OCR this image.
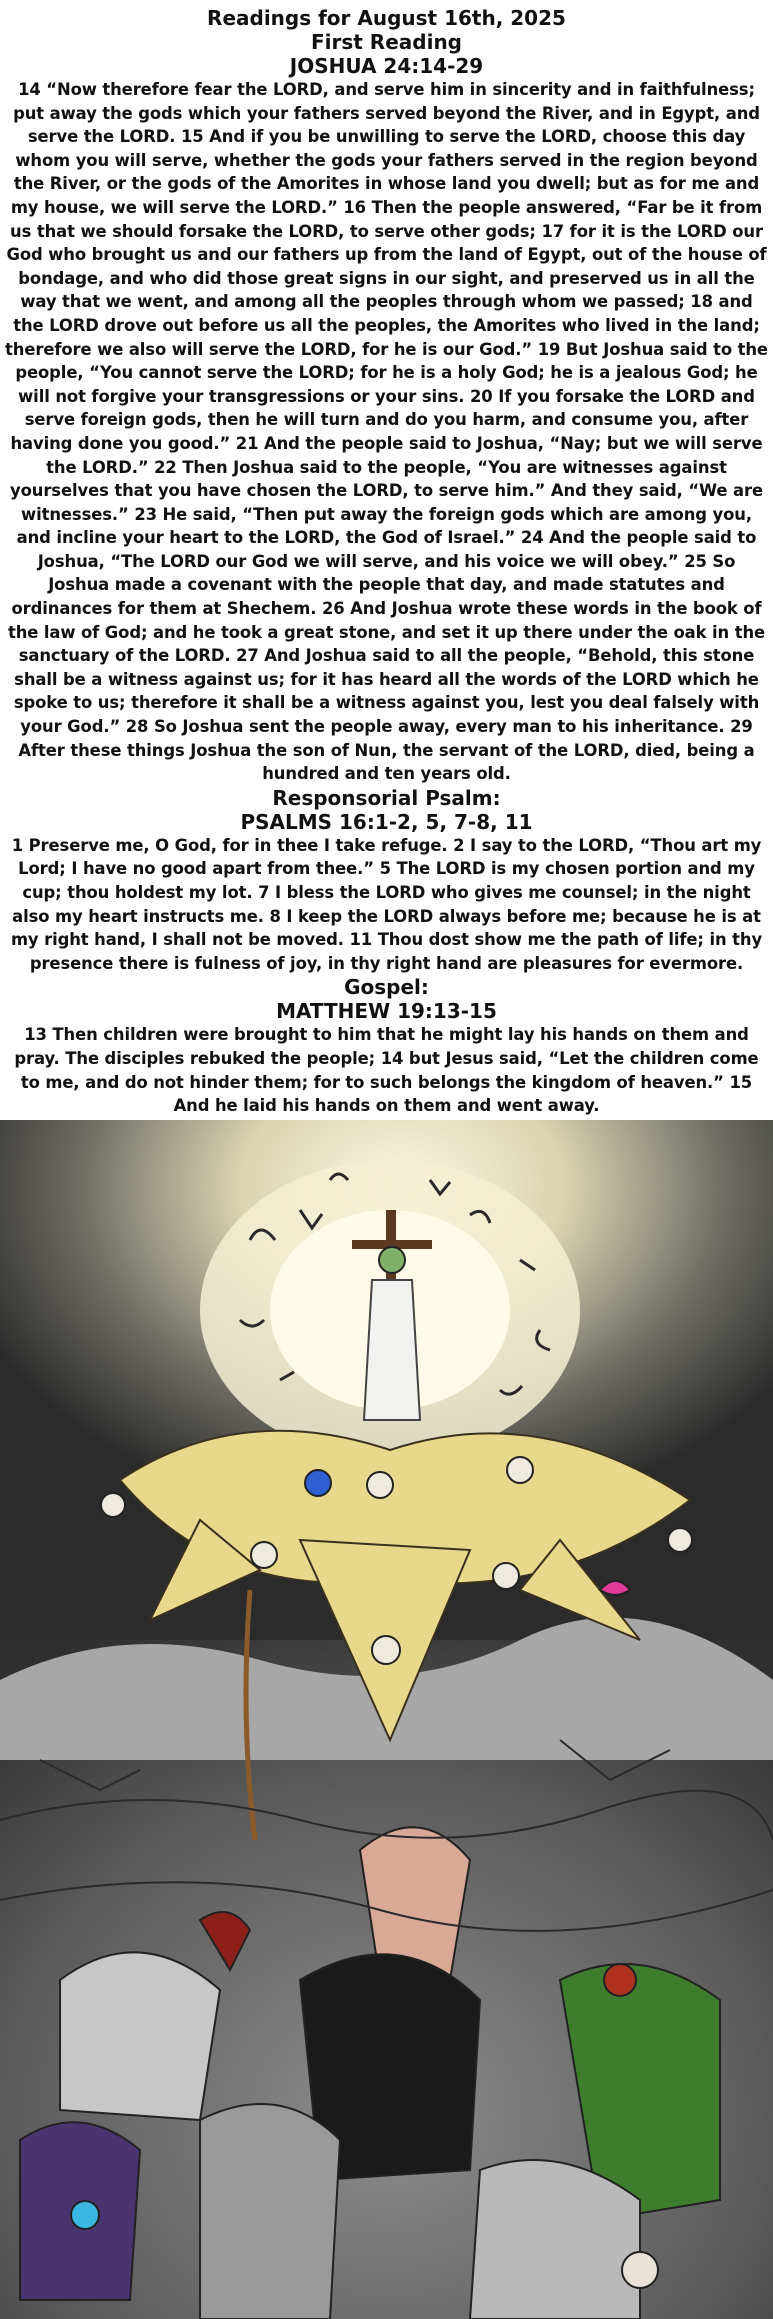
Readings for August 16th, 2025
First Reading
JOSHUA 24:14-29

14 “Now therefore fear the LORD, and serve him in sincerity and in faithfulness; put away the gods which your fathers served beyond the River, and in Egypt, and serve the LORD. 15 And if you be unwilling to serve the LORD, choose this day whom you will serve, whether the gods your fathers served in the region beyond the River, or the gods of the Amorites in whose land you dwell; but as for me and my house, we will serve the LORD.” 16 Then the people answered, “Far be it from us that we should forsake the LORD, to serve other gods; 17 for it is the LORD our God who brought us and our fathers up from the land of Egypt, out of the house of bondage, and who did those great signs in our sight, and preserved us in all the way that we went, and among all the peoples through whom we passed; 18 and the LORD drove out before us all the peoples, the Amorites who lived in the land; therefore we also will serve the LORD, for he is our God.” 19 But Joshua said to the people, “You cannot serve the LORD; for he is a holy God; he is a jealous God; he will not forgive your transgressions or your sins. 20 If you forsake the LORD and serve foreign gods, then he will turn and do you harm, and consume you, after having done you good.” 21 And the people said to Joshua, “Nay; but we will serve the LORD.” 22 Then Joshua said to the people, “You are witnesses against yourselves that you have chosen the LORD, to serve him.” And they said, “We are witnesses.” 23 He said, “Then put away the foreign gods which are among you, and incline your heart to the LORD, the God of Israel.” 24 And the people said to Joshua, “The LORD our God we will serve, and his voice we will obey.” 25 So Joshua made a covenant with the people that day, and made statutes and ordinances for them at Shechem. 26 And Joshua wrote these words in the book of the law of God; and he took a great stone, and set it up there under the oak in the sanctuary of the LORD. 27 And Joshua said to all the people, “Behold, this stone shall be a witness against us; for it has heard all the words of the LORD which he spoke to us; therefore it shall be a witness against you, lest you deal falsely with your God.” 28 So Joshua sent the people away, every man to his inheritance. 29 After these things Joshua the son of Nun, the servant of the LORD, died, being a hundred and ten years old.

Responsorial Psalm:
PSALMS 16:1-2, 5, 7-8, 11

1 Preserve me, O God, for in thee I take refuge. 2 I say to the LORD, “Thou art my Lord; I have no good apart from thee.” 5 The LORD is my chosen portion and my cup; thou holdest my lot. 7 I bless the LORD who gives me counsel; in the night also my heart instructs me. 8 I keep the LORD always before me; because he is at my right hand, I shall not be moved. 11 Thou dost show me the path of life; in thy presence there is fulness of joy, in thy right hand are pleasures for evermore.

Gospel:
MATTHEW 19:13-15

13 Then children were brought to him that he might lay his hands on them and pray. The disciples rebuked the people; 14 but Jesus said, “Let the children come to me, and do not hinder them; for to such belongs the kingdom of heaven.” 15 And he laid his hands on them and went away.
